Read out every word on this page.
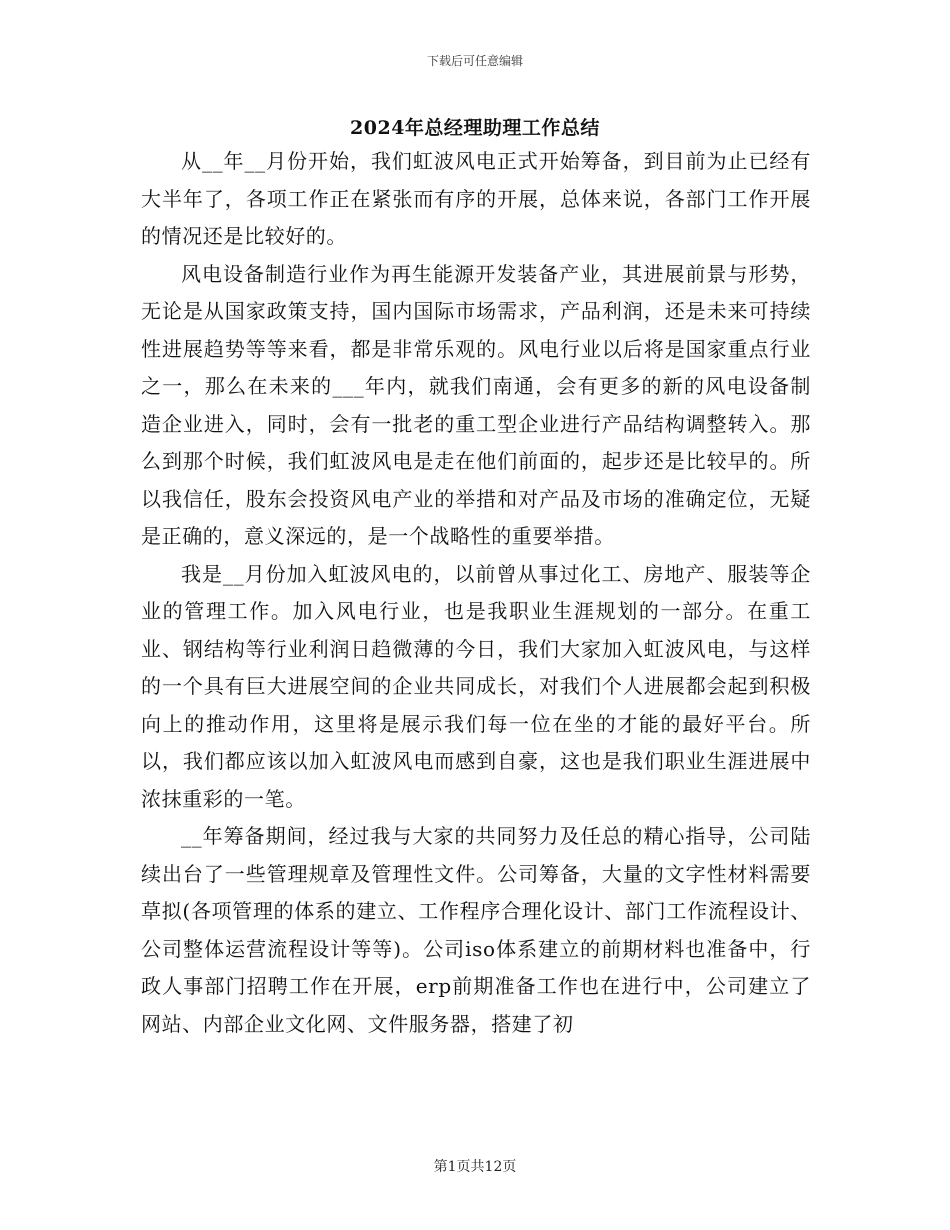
下载后可任意编辑
2024年总经理助理工作总结

从__年__月份开始，我们虹波风电正式开始筹备，到目前为止已经有大半年了，各项工作正在紧张而有序的开展，总体来说，各部门工作开展的情况还是比较好的。

风电设备制造行业作为再生能源开发装备产业，其进展前景与形势，无论是从国家政策支持，国内国际市场需求，产品利润，还是未来可持续性进展趋势等等来看，都是非常乐观的。风电行业以后将是国家重点行业之一，那么在未来的___年内，就我们南通，会有更多的新的风电设备制造企业进入，同时，会有一批老的重工型企业进行产品结构调整转入。那么到那个时候，我们虹波风电是走在他们前面的，起步还是比较早的。所以我信任，股东会投资风电产业的举措和对产品及市场的准确定位，无疑是正确的，意义深远的，是一个战略性的重要举措。

我是__月份加入虹波风电的，以前曾从事过化工、房地产、服装等企业的管理工作。加入风电行业，也是我职业生涯规划的一部分。在重工业、钢结构等行业利润日趋微薄的今日，我们大家加入虹波风电，与这样的一个具有巨大进展空间的企业共同成长，对我们个人进展都会起到积极向上的推动作用，这里将是展示我们每一位在坐的才能的最好平台。所以，我们都应该以加入虹波风电而感到自豪，这也是我们职业生涯进展中浓抹重彩的一笔。

__年筹备期间，经过我与大家的共同努力及任总的精心指导，公司陆续出台了一些管理规章及管理性文件。公司筹备，大量的文字性材料需要草拟(各项管理的体系的建立、工作程序合理化设计、部门工作流程设计、公司整体运营流程设计等等)。公司iso体系建立的前期材料也准备中，行政人事部门招聘工作在开展，erp前期准备工作也在进行中，公司建立了网站、内部企业文化网、文件服务器，搭建了初

第1页共12页
